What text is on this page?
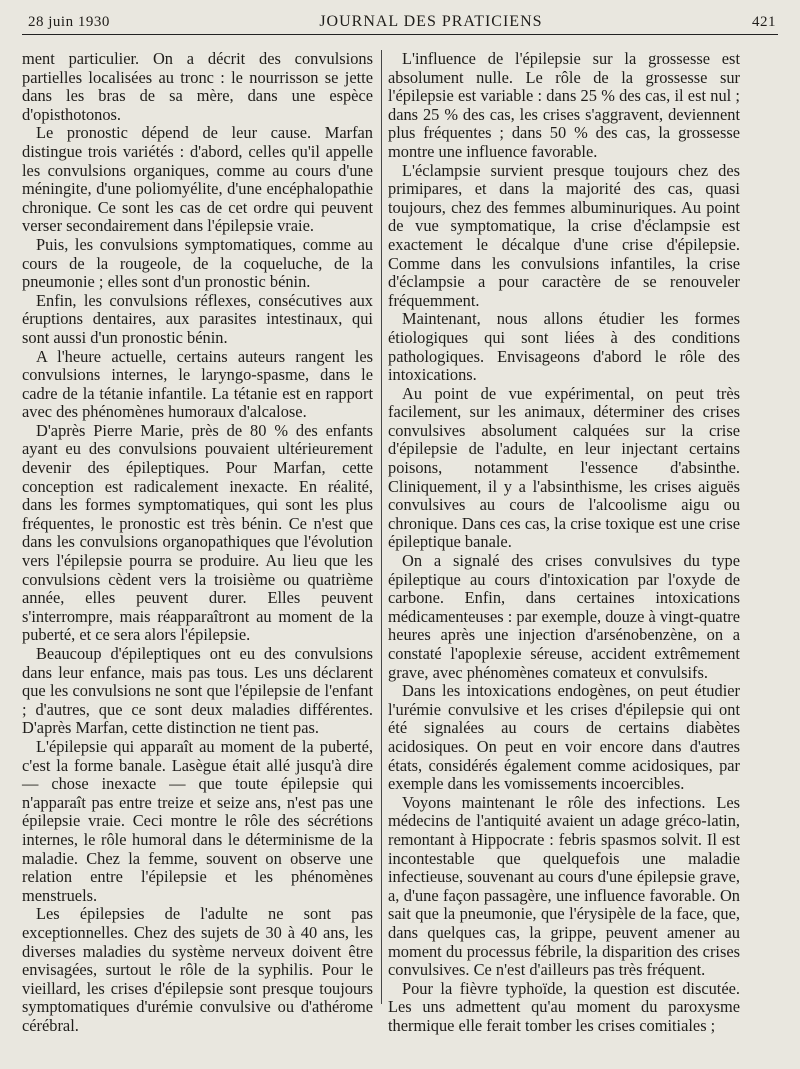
28 juin 1930	JOURNAL DES PRATICIENS	421

ment particulier. On a décrit des convulsions partielles localisées au tronc : le nourrisson se jette dans les bras de sa mère, dans une espèce d'opisthotonos.

Le pronostic dépend de leur cause. Marfan distingue trois variétés : d'abord, celles qu'il appelle les convulsions organiques, comme au cours d'une méningite, d'une poliomyélite, d'une encéphalopathie chronique. Ce sont les cas de cet ordre qui peuvent verser secondairement dans l'épilepsie vraie.

Puis, les convulsions symptomatiques, comme au cours de la rougeole, de la coqueluche, de la pneumonie ; elles sont d'un pronostic bénin.

Enfin, les convulsions réflexes, consécutives aux éruptions dentaires, aux parasites intestinaux, qui sont aussi d'un pronostic bénin.

A l'heure actuelle, certains auteurs rangent les convulsions internes, le laryngo-spasme, dans le cadre de la tétanie infantile. La tétanie est en rapport avec des phénomènes humoraux d'alcalose.

D'après Pierre Marie, près de 80 % des enfants ayant eu des convulsions pouvaient ultérieurement devenir des épileptiques. Pour Marfan, cette conception est radicalement inexacte. En réalité, dans les formes symptomatiques, qui sont les plus fréquentes, le pronostic est très bénin. Ce n'est que dans les convulsions organopathiques que l'évolution vers l'épilepsie pourra se produire. Au lieu que les convulsions cèdent vers la troisième ou quatrième année, elles peuvent durer. Elles peuvent s'interrompre, mais réapparaîtront au moment de la puberté, et ce sera alors l'épilepsie.

Beaucoup d'épileptiques ont eu des convulsions dans leur enfance, mais pas tous. Les uns déclarent que les convulsions ne sont que l'épilepsie de l'enfant ; d'autres, que ce sont deux maladies différentes. D'après Marfan, cette distinction ne tient pas.

L'épilepsie qui apparaît au moment de la puberté, c'est la forme banale. Lasègue était allé jusqu'à dire — chose inexacte — que toute épilepsie qui n'apparaît pas entre treize et seize ans, n'est pas une épilepsie vraie. Ceci montre le rôle des sécrétions internes, le rôle humoral dans le déterminisme de la maladie. Chez la femme, souvent on observe une relation entre l'épilepsie et les phénomènes menstruels.

Les épilepsies de l'adulte ne sont pas exceptionnelles. Chez des sujets de 30 à 40 ans, les diverses maladies du système nerveux doivent être envisagées, surtout le rôle de la syphilis. Pour le vieillard, les crises d'épilepsie sont presque toujours symptomatiques d'urémie convulsive ou d'athérome cérébral.

L'influence de l'épilepsie sur la grossesse est absolument nulle. Le rôle de la grossesse sur l'épilepsie est variable : dans 25 % des cas, il est nul ; dans 25 % des cas, les crises s'aggravent, deviennent plus fréquentes ; dans 50 % des cas, la grossesse montre une influence favorable.

L'éclampsie survient presque toujours chez des primipares, et dans la majorité des cas, quasi toujours, chez des femmes albuminuriques. Au point de vue symptomatique, la crise d'éclampsie est exactement le décalque d'une crise d'épilepsie. Comme dans les convulsions infantiles, la crise d'éclampsie a pour caractère de se renouveler fréquemment.

Maintenant, nous allons étudier les formes étiologiques qui sont liées à des conditions pathologiques. Envisageons d'abord le rôle des intoxications.

Au point de vue expérimental, on peut très facilement, sur les animaux, déterminer des crises convulsives absolument calquées sur la crise d'épilepsie de l'adulte, en leur injectant certains poisons, notamment l'essence d'absinthe. Cliniquement, il y a l'absinthisme, les crises aiguës convulsives au cours de l'alcoolisme aigu ou chronique. Dans ces cas, la crise toxique est une crise épileptique banale.

On a signalé des crises convulsives du type épileptique au cours d'intoxication par l'oxyde de carbone. Enfin, dans certaines intoxications médicamenteuses : par exemple, douze à vingt-quatre heures après une injection d'arsénobenzène, on a constaté l'apoplexie séreuse, accident extrêmement grave, avec phénomènes comateux et convulsifs.

Dans les intoxications endogènes, on peut étudier l'urémie convulsive et les crises d'épilepsie qui ont été signalées au cours de certains diabètes acidosiques. On peut en voir encore dans d'autres états, considérés également comme acidosiques, par exemple dans les vomissements incoercibles.

Voyons maintenant le rôle des infections. Les médecins de l'antiquité avaient un adage gréco-latin, remontant à Hippocrate : febris spasmos solvit. Il est incontestable que quelquefois une maladie infectieuse, souvenant au cours d'une épilepsie grave, a, d'une façon passagère, une influence favorable. On sait que la pneumonie, que l'érysipèle de la face, que, dans quelques cas, la grippe, peuvent amener au moment du processus fébrile, la disparition des crises convulsives. Ce n'est d'ailleurs pas très fréquent.

Pour la fièvre typhoïde, la question est discutée. Les uns admettent qu'au moment du paroxysme thermique elle ferait tomber les crises comitiales ;
